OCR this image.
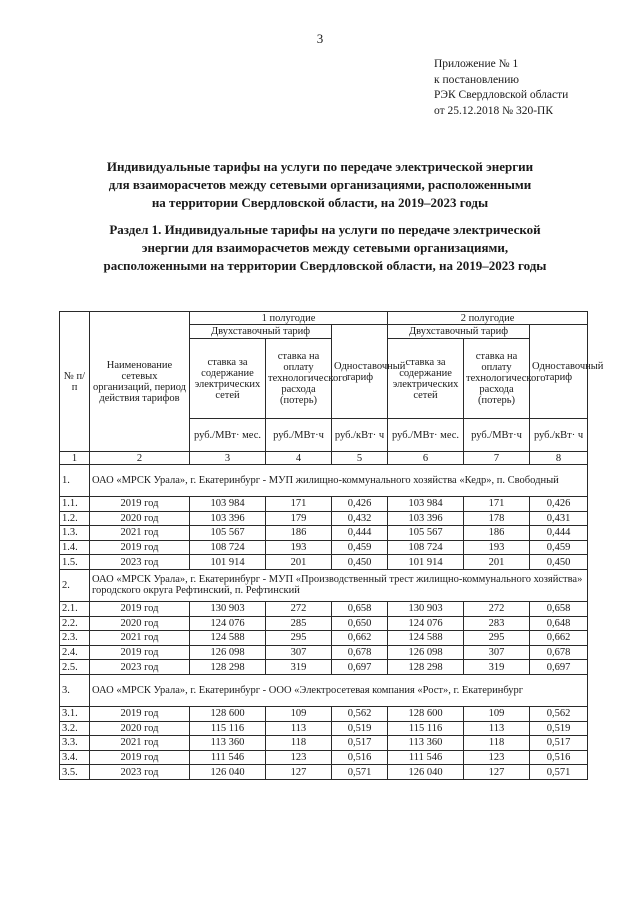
3
Приложение № 1
к постановлению
РЭК Свердловской области
от 25.12.2018 № 320-ПК
Индивидуальные тарифы на услуги по передаче электрической энергии
для взаиморасчетов между сетевыми организациями, расположенными
на территории Свердловской области, на 2019–2023 годы
Раздел 1. Индивидуальные тарифы на услуги по передаче электрической
энергии для взаиморасчетов между сетевыми организациями,
расположенными на территории Свердловской области, на 2019–2023 годы
№ п/п	Наименование сетевых организаций, период действия тарифов	1 полугодие			2 полугодие		
		Двухставочный тариф		Одноставочный тариф	Двухставочный тариф		Одноставочный тариф
		ставка за содержание электрических сетей	ставка на оплату технологического расхода (потерь)		ставка за содержание электрических сетей	ставка на оплату технологического расхода (потерь)	
		руб./МВт· мес.	руб./МВт·ч	руб./кВт· ч	руб./МВт· мес.	руб./МВт·ч	руб./кВт· ч
1	2	3	4	5	6	7	8
1.	ОАО «МРСК Урала», г. Екатеринбург - МУП жилищно-коммунального хозяйства «Кедр», п. Свободный						
1.1.	2019 год	103 984	171	0,426	103 984	171	0,426
1.2.	2020 год	103 396	179	0,432	103 396	178	0,431
1.3.	2021 год	105 567	186	0,444	105 567	186	0,444
1.4.	2019 год	108 724	193	0,459	108 724	193	0,459
1.5.	2023 год	101 914	201	0,450	101 914	201	0,450
2.	ОАО «МРСК Урала», г. Екатеринбург - МУП «Производственный трест жилищно-коммунального хозяйства» городского округа Рефтинский, п. Рефтинский						
2.1.	2019 год	130 903	272	0,658	130 903	272	0,658
2.2.	2020 год	124 076	285	0,650	124 076	283	0,648
2.3.	2021 год	124 588	295	0,662	124 588	295	0,662
2.4.	2019 год	126 098	307	0,678	126 098	307	0,678
2.5.	2023 год	128 298	319	0,697	128 298	319	0,697
3.	ОАО «МРСК Урала», г. Екатеринбург - ООО «Электросетевая компания «Рост», г. Екатеринбург						
3.1.	2019 год	128 600	109	0,562	128 600	109	0,562
3.2.	2020 год	115 116	113	0,519	115 116	113	0,519
3.3.	2021 год	113 360	118	0,517	113 360	118	0,517
3.4.	2019 год	111 546	123	0,516	111 546	123	0,516
3.5.	2023 год	126 040	127	0,571	126 040	127	0,571
